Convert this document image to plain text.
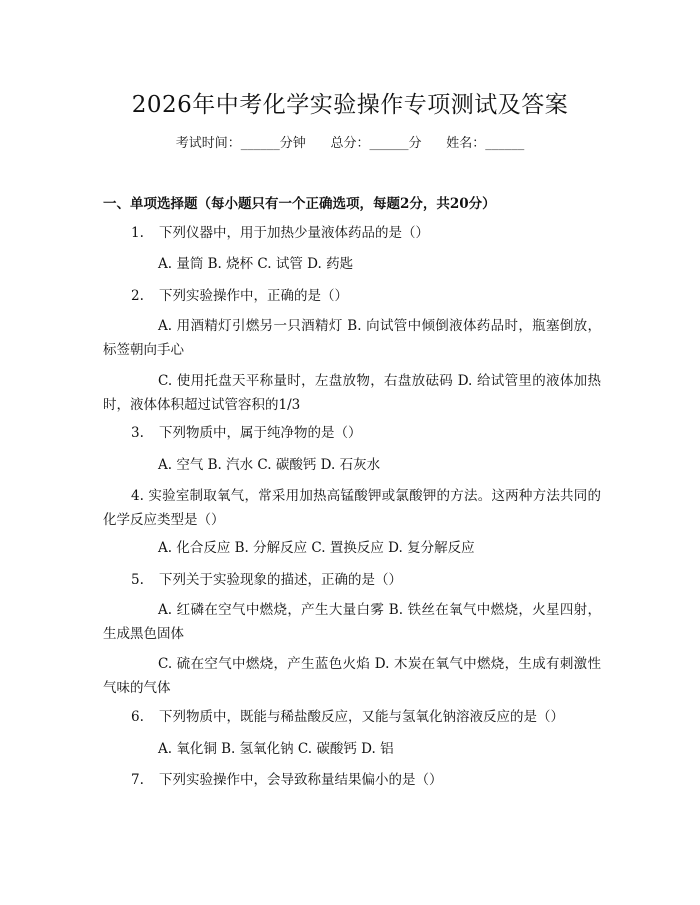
2026年中考化学实验操作专项测试及答案
考试时间：______分钟      总分：______分      姓名：______
一、单项选择题（每小题只有一个正确选项，每题2分，共20分）
1. 下列仪器中，用于加热少量液体药品的是（）
A. 量筒 B. 烧杯 C. 试管 D. 药匙
2. 下列实验操作中，正确的是（）
A. 用酒精灯引燃另一只酒精灯 B. 向试管中倾倒液体药品时，瓶塞倒放，标签朝向手心
C. 使用托盘天平称量时，左盘放物，右盘放砝码 D. 给试管里的液体加热时，液体体积超过试管容积的1/3
3. 下列物质中，属于纯净物的是（）
A. 空气 B. 汽水 C. 碳酸钙 D. 石灰水
4. 实验室制取氧气，常采用加热高锰酸钾或氯酸钾的方法。这两种方法共同的化学反应类型是（）
A. 化合反应 B. 分解反应 C. 置换反应 D. 复分解反应
5. 下列关于实验现象的描述，正确的是（）
A. 红磷在空气中燃烧，产生大量白雾 B. 铁丝在氧气中燃烧，火星四射，生成黑色固体
C. 硫在空气中燃烧，产生蓝色火焰 D. 木炭在氧气中燃烧，生成有刺激性气味的气体
6. 下列物质中，既能与稀盐酸反应，又能与氢氧化钠溶液反应的是（）
A. 氧化铜 B. 氢氧化钠 C. 碳酸钙 D. 铝
7. 下列实验操作中，会导致称量结果偏小的是（）
